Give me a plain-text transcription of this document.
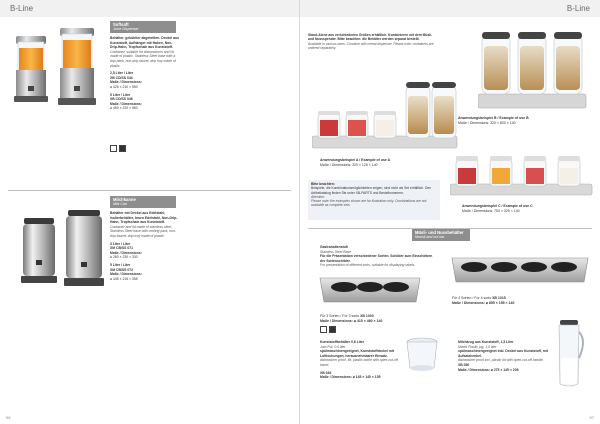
B-Line
Softsaft
Juice Dispenser
Behälter, gekühlter abgeteilten. Deckel aus Kunststoff, Aufhänger mit Haken, Non-Drip-Hahn, Tropfschale aus Kunststoff.
Container, suitable for dishwashers and lid made of plastic. Stainless Steel base with a drip pack, non-drip-faucet, drip tray made of plastic.
2,5 Liter / Liter
XB CD/SS 044
Maße / Dimensions:
⌀ 425 × 210 × 550
5 Liter / Liter
XB CD/SS 046
Maße / Dimensions:
⌀ 450 × 220 × 550
Milchkanne
Milk Can
Behälter mit Deckel aus Edelstahl, Isolierbehälter, Innen Edelstahl, Non-Drip-Hahn, Tropfschale aus Kunststoff.
Container and lid made of stainless steel, Stainless Steel base with cooling pack, non-drip-faucet, drip tray made of plastic.
3 Liter / Liter
XM CB/SS 071
Maße / Dimensions:
⌀ 260 × 230 × 330
5 Liter / Liter
XM CB/SS 072
Maße / Dimensions:
⌀ 445 × 215 × 355
96
B-Line
Stand-Alone aus verschiedenen Größen erhältlich. Kombinieren mit dem Müsli- und Nussspender. Bitte beachten: die Behälter werden separat bestellt.
Available in various sizes. Combine with cereal dispenser. Please note: containers are ordered separately.
Anwendungsbeispiel A / Example of use A
Maße / Dimensions: 320 × 125 × 140
Anwendungsbeispiel B / Example of use B
Maße / Dimensions: 320 × 800 × 140
Anwendungsbeispiel C / Example of use C
Maße / Dimensions: 750 × 325 × 140
Bitte beachten:
Beispiele, die Kombinationsmöglichkeiten zeigen, sind nicht als Set erhältlich. Den Artikelkatalog finden Sie unter XB-PARTS und Bestellnummern.
Attention:
Please note: the examples shown are for illustration only. Combinations are not available as complete sets.
Müsli- und Nussbehälter
Muesli and nut bar
Gastrahaltenstufi
Stainless Steel Base
Für die Präsentation verschiedener Sorten. Schilder zum Einschieben der Sortenschilder.
For presentation of different sorts, suitable for displaying labels.
Für 3 Sorten / For 3 sorts XB 1000
Maße / Dimensions: ⌀ 415 × 460 × 140
Für 4 Sorten / For 4 sorts XB 1015
Maße / Dimensions: ⌀ 855 × 155 × 140
Kunststoffbehälter 0,6 Liter
Jam Pot, 0.6 liter
spülmaschinengeeignet, Kunststoffdeckel mit Luftlochungen, herausnehmbarer Einsatz.
dishwasher proof, lid, plastic bottle with open-cut-off insert.
XB 049
Maße / Dimensions: ⌀ 145 × 145 × 155
Milchkrug aus Kunststoff, 1,5 Liter
Mixed Plastic jug, 1,5 liter
spülmaschinengeeignet inkl. Deckel aus Kunststoff, mit Aufsatzhenkel.
dishwasher proof incl. plastic lid with open-cut-off handle.
XB 050
Maße / Dimensions: ⌀ 275 × 145 × 205
97
